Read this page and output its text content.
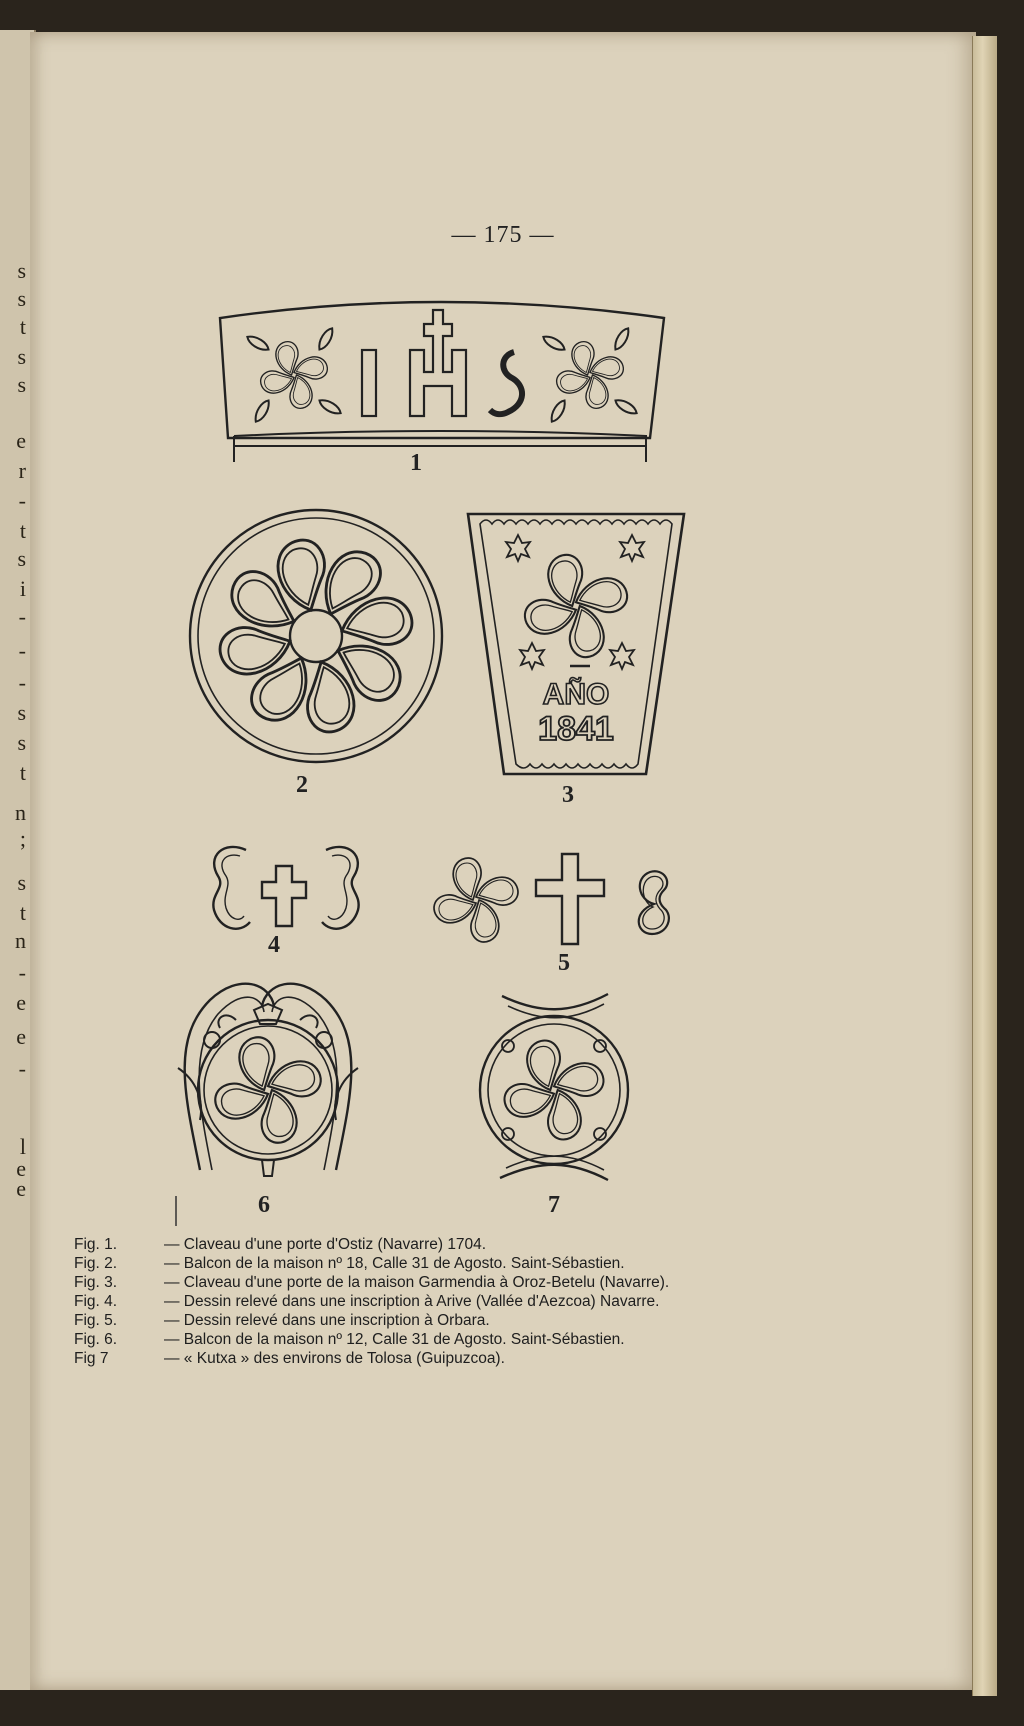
s
s
t
s
s
e
r
-
t
s
i
-
-
-
s
s
t
n
;
s
t
n
-
e
e
-
l
e
e
— 175 —
1
2
AÑO
1841
3
4
5
6	7
Fig. 1.	— Claveau d'une porte d'Ostiz (Navarre) 1704.
Fig. 2.	— Balcon de la maison nº 18, Calle 31 de Agosto. Saint-Sébastien.
Fig. 3.	— Claveau d'une porte de la maison Garmendia à Oroz-Betelu (Navarre).
Fig. 4.	— Dessin relevé dans une inscription à Arive (Vallée d'Aezcoa) Navarre.
Fig. 5.	— Dessin relevé dans une inscription à Orbara.
Fig. 6.	— Balcon de la maison nº 12, Calle 31 de Agosto. Saint-Sébastien.
Fig 7	— « Kutxa » des environs de Tolosa (Guipuzcoa).
